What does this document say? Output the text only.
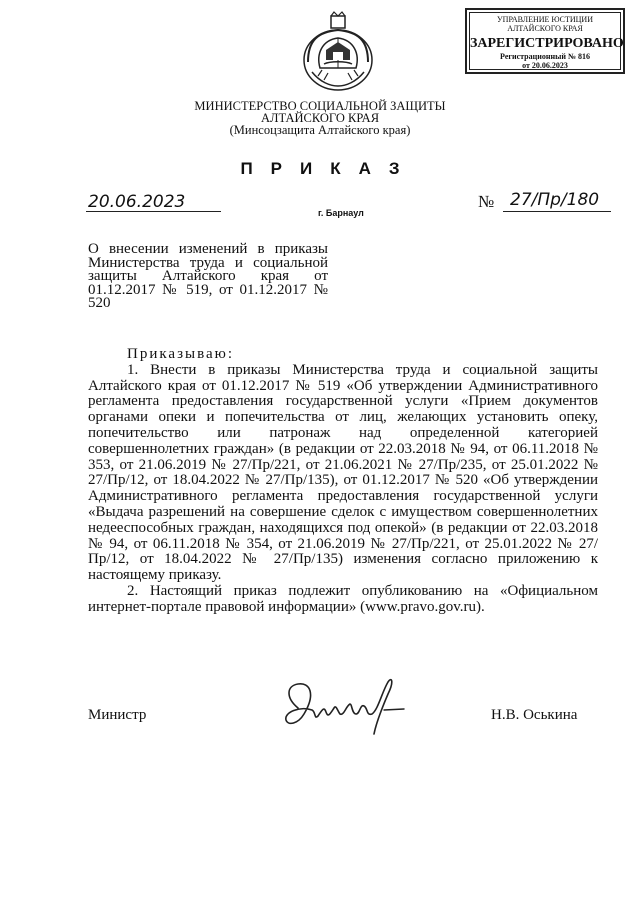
УПРАВЛЕНИЕ ЮСТИЦИИ
АЛТАЙСКОГО КРАЯ
ЗАРЕГИСТРИРОВАНО
Регистрационный № 816
от 20.06.2023
МИНИСТЕРСТВО СОЦИАЛЬНОЙ ЗАЩИТЫ
АЛТАЙСКОГО КРАЯ
(Минсоцзащита Алтайского края)
ПРИКАЗ
20.06.2023
г. Барнаул
№ 27/Пр/180
О внесении изменений в приказы Министерства труда и социальной защиты Алтайского края от 01.12.2017 № 519, от 01.12.2017 № 520

Приказываю:

1. Внести в приказы Министерства труда и социальной защиты Алтайского края от 01.12.2017 № 519 «Об утверждении Административного регламента предоставления государственной услуги «Прием документов органами опеки и попечительства от лиц, желающих установить опеку, попечительство или патронаж над определенной категорией совершеннолетних граждан» (в редакции от 22.03.2018 № 94, от 06.11.2018 № 353, от 21.06.2019 № 27/Пр/221, от 21.06.2021 № 27/Пр/235, от 25.01.2022 № 27/Пр/12, от 18.04.2022 № 27/Пр/135), от 01.12.2017 № 520 «Об утверждении Административного регламента предоставления государственной услуги «Выдача разрешений на совершение сделок с имуществом совершеннолетних недееспособных граждан, находящихся под опекой» (в редакции от 22.03.2018 № 94, от 06.11.2018 № 354, от 21.06.2019 № 27/Пр/221, от 25.01.2022 № 27/Пр/12, от 18.04.2022 № 27/Пр/135) изменения согласно приложению к настоящему приказу.

2. Настоящий приказ подлежит опубликованию на «Официальном интернет-портале правовой информации» (www.pravo.gov.ru).

Министр	Н.В. Оськина
